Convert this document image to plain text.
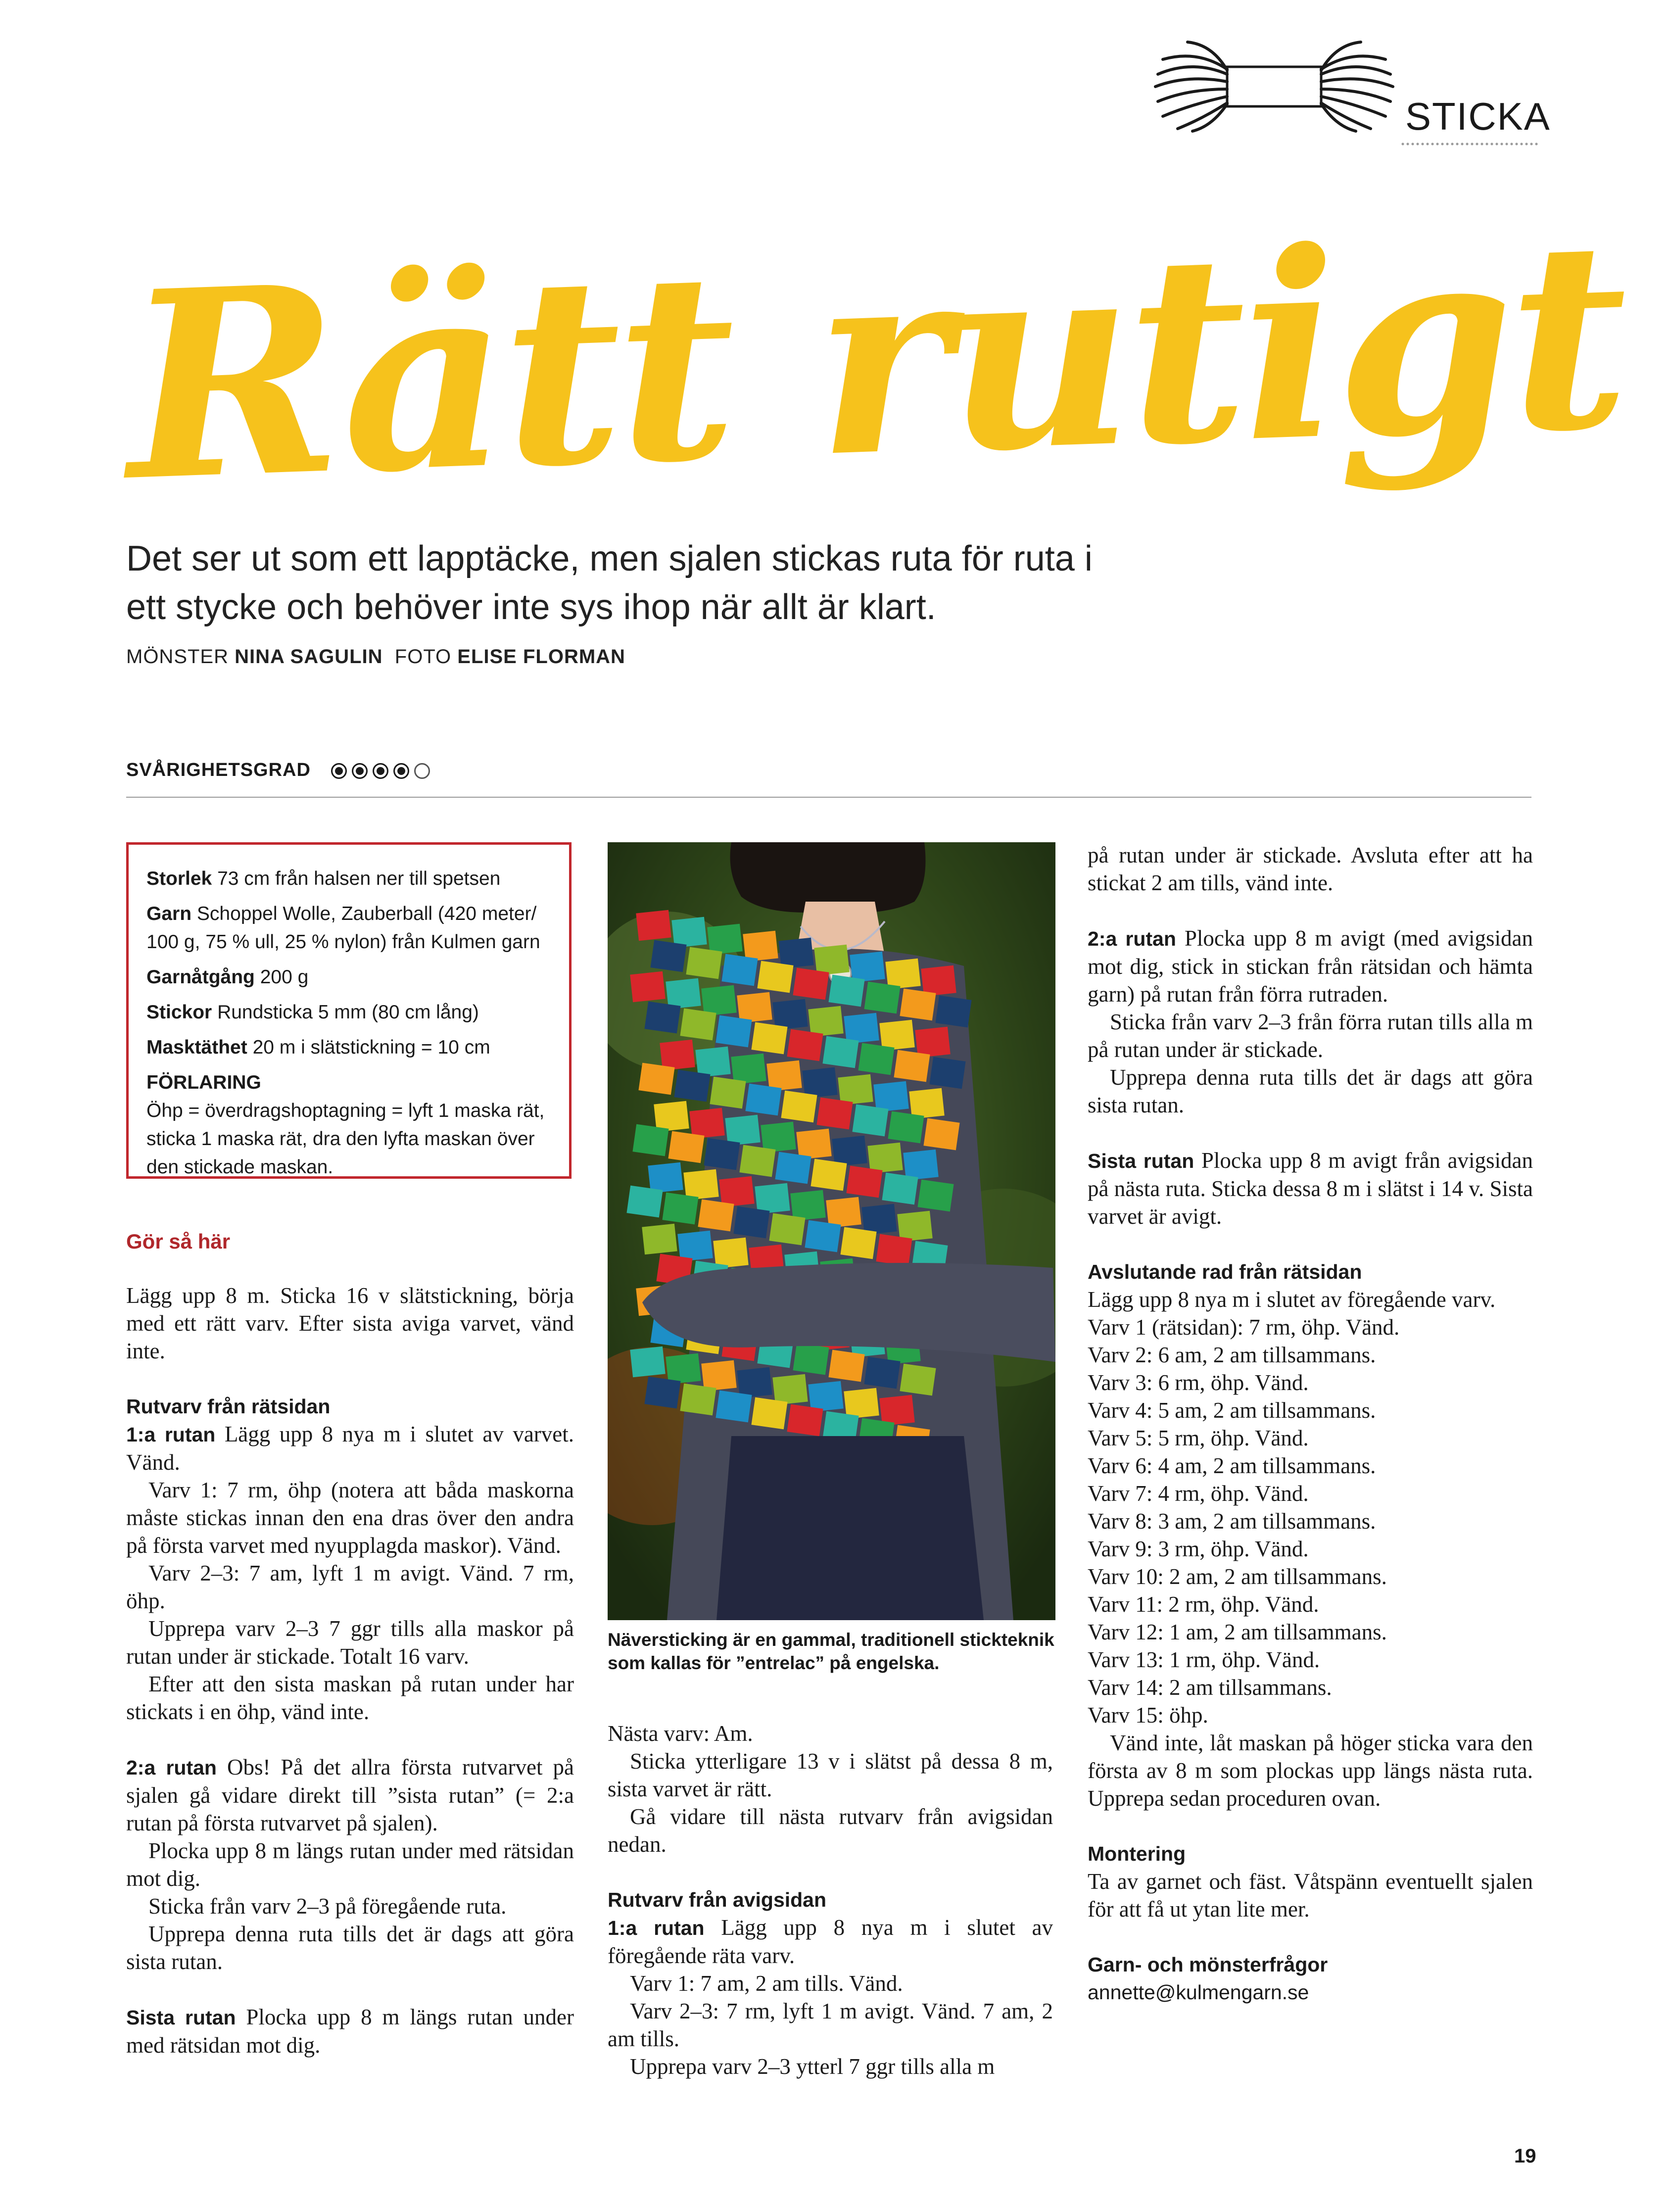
STICKA
Rätt rutigt
Det ser ut som ett lapptäcke, men sjalen stickas ruta för ruta i ett stycke och behöver inte sys ihop när allt är klart.
MÖNSTER NINA SAGULIN FOTO ELISE FLORMAN
SVÅRIGHETSGRAD

Storlek 73 cm från halsen ner till spetsen

Garn Schoppel Wolle, Zauberball (420 meter/ 100 g, 75 % ull, 25 % nylon) från Kulmen garn

Garnåtgång 200 g

Stickor Rundsticka 5 mm (80 cm lång)

Masktäthet 20 m i slätstickning = 10 cm

FÖRLARING
Öhp = överdragshoptagning = lyft 1 maska rät, sticka 1 maska rät, dra den lyfta maskan över den stickade maskan.

Gör så här

Lägg upp 8 m. Sticka 16 v slätstickning, börja med ett rätt varv. Efter sista aviga varvet, vänd inte.

Rutvarv från rätsidan

1:a rutan Lägg upp 8 nya m i slutet av varvet. Vänd.

Varv 1: 7 rm, öhp (notera att båda maskorna måste stickas innan den ena dras över den andra på första varvet med nyupplagda maskor). Vänd.

Varv 2–3: 7 am, lyft 1 m avigt. Vänd. 7 rm, öhp.

Upprepa varv 2–3 7 ggr tills alla maskor på rutan under är stickade. Totalt 16 varv.

Efter att den sista maskan på rutan under har stickats i en öhp, vänd inte.

2:a rutan Obs! På det allra första rutvarvet på sjalen gå vidare direkt till ”sista rutan” (= 2:a rutan på första rutvarvet på sjalen).

Plocka upp 8 m längs rutan under med rätsidan mot dig.

Sticka från varv 2–3 på föregående ruta.

Upprepa denna ruta tills det är dags att göra sista rutan.

Sista rutan Plocka upp 8 m längs rutan under med rätsidan mot dig.

Näversticking är en gammal, traditionell stickteknik som kallas för ”entrelac” på engelska.

Nästa varv: Am.

Sticka ytterligare 13 v i slätst på dessa 8 m, sista varvet är rätt.

Gå vidare till nästa rutvarv från avigsidan nedan.

Rutvarv från avigsidan

1:a rutan Lägg upp 8 nya m i slutet av föregående räta varv.

Varv 1: 7 am, 2 am tills. Vänd.

Varv 2–3: 7 rm, lyft 1 m avigt. Vänd. 7 am, 2 am tills.

Upprepa varv 2–3 ytterl 7 ggr tills alla m

på rutan under är stickade. Avsluta efter att ha stickat 2 am tills, vänd inte.

2:a rutan Plocka upp 8 m avigt (med avigsidan mot dig, stick in stickan från rätsidan och hämta garn) på rutan från förra rutraden.

Sticka från varv 2–3 från förra rutan tills alla m på rutan under är stickade.

Upprepa denna ruta tills det är dags att göra sista rutan.

Sista rutan Plocka upp 8 m avigt från avigsidan på nästa ruta. Sticka dessa 8 m i slätst i 14 v. Sista varvet är avigt.

Avslutande rad från rätsidan

Lägg upp 8 nya m i slutet av föregående varv.

Varv 1 (rätsidan): 7 rm, öhp. Vänd.

Varv 2: 6 am, 2 am tillsammans.

Varv 3: 6 rm, öhp. Vänd.

Varv 4: 5 am, 2 am tillsammans.

Varv 5: 5 rm, öhp. Vänd.

Varv 6: 4 am, 2 am tillsammans.

Varv 7: 4 rm, öhp. Vänd.

Varv 8: 3 am, 2 am tillsammans.

Varv 9: 3 rm, öhp. Vänd.

Varv 10: 2 am, 2 am tillsammans.

Varv 11: 2 rm, öhp. Vänd.

Varv 12: 1 am, 2 am tillsammans.

Varv 13: 1 rm, öhp. Vänd.

Varv 14: 2 am tillsammans.

Varv 15: öhp.

Vänd inte, låt maskan på höger sticka vara den första av 8 m som plockas upp längs nästa ruta. Upprepa sedan proceduren ovan.

Montering

Ta av garnet och fäst. Våtspänn eventuellt sjalen för att få ut ytan lite mer.

Garn- och mönsterfrågor

annette@kulmengarn.se

19
